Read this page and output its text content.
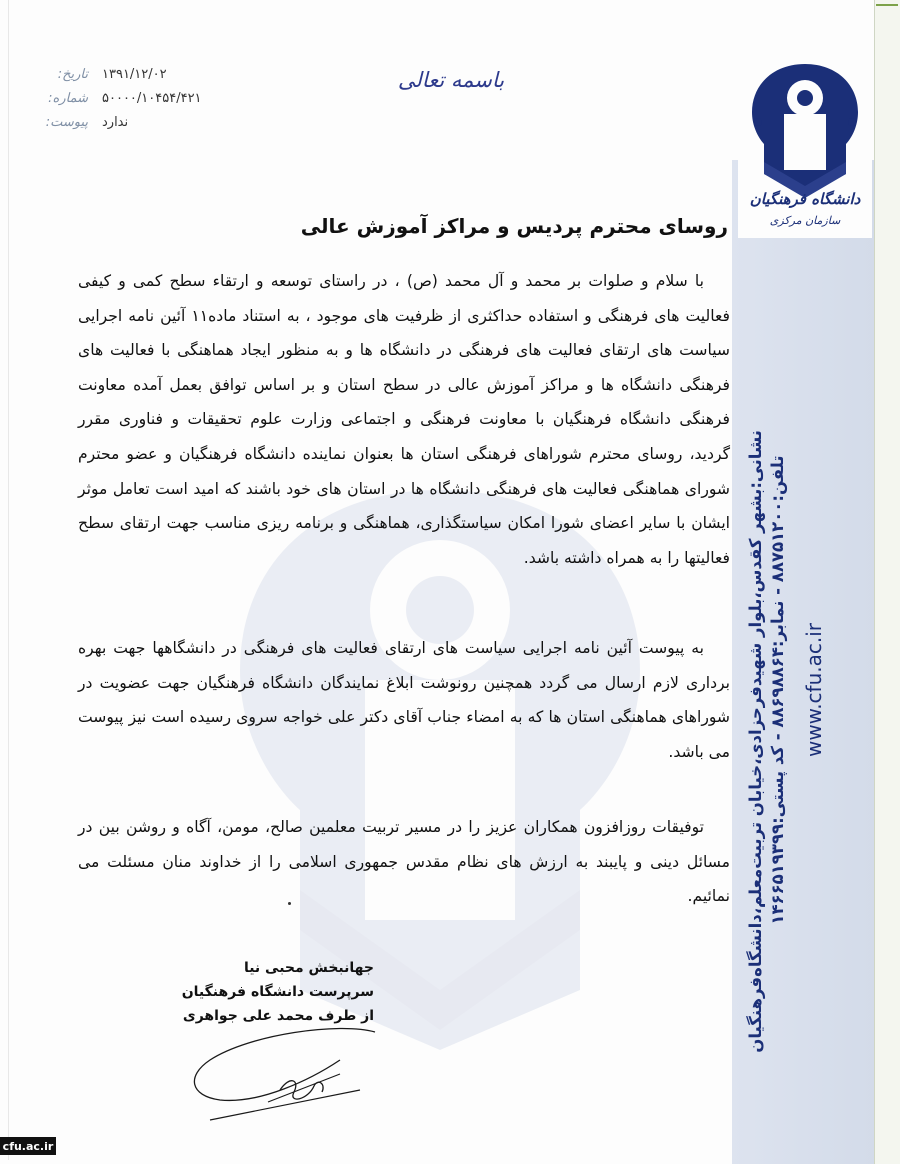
نشانی:بشهر کقدس،بلوار شهیدفرحزادی،خیابان تربیت‌معلم،دانشگاه‌فرهنگیان تلفن:۸۸۷۵۱۲۰۰ - نمابر:۸۸۶۹۸۸۶۴ - کد پستی:۱۴۶۶۵۱۹۳۹۹
www.cfu.ac.ir
دانشگاه فرهنگیان
سازمان مرکزی
باسمه تعالی
تاریخ: ۱۳۹۱/۱۲/۰۲
شماره: ۵۰۰۰۰/۱۰۴۵۴/۴۲۱
پیوست: ندارد
روسای محترم پردیس و مراکز آموزش عالی
با سلام و صلوات بر محمد و آل محمد (ص) ، در راستای توسعه و ارتقاء سطح کمی و کیفی فعالیت های فرهنگی و استفاده حداکثری از ظرفیت های موجود ، به استناد ماده۱۱ آئین نامه اجرایی سیاست های ارتقای فعالیت های فرهنگی در دانشگاه ها و به منظور ایجاد هماهنگی با فعالیت های فرهنگی دانشگاه ها و مراکز آموزش عالی در سطح استان و بر اساس توافق بعمل آمده معاونت فرهنگی دانشگاه فرهنگیان با معاونت فرهنگی و اجتماعی وزارت علوم تحقیقات و فناوری مقرر گردید، روسای محترم شوراهای فرهنگی استان ها بعنوان نماینده دانشگاه فرهنگیان و عضو محترم شورای هماهنگی فعالیت های فرهنگی دانشگاه ها در استان های خود باشند که امید است تعامل موثر ایشان با سایر اعضای شورا امکان سیاستگذاری، هماهنگی و برنامه ریزی مناسب جهت ارتقای سطح فعالیتها را به همراه داشته باشد.
به پیوست آئین نامه اجرایی سیاست های ارتقای فعالیت های فرهنگی در دانشگاهها جهت بهره برداری لازم ارسال می گردد همچنین رونوشت ابلاغ نمایندگان دانشگاه فرهنگیان جهت عضویت در شوراهای هماهنگی استان ها که به امضاء جناب آقای دکتر علی خواجه سروی رسیده است نیز پیوست می باشد.
توفیقات روزافزون همکاران عزیز را در مسیر تربیت معلمین صالح، مومن، آگاه و روشن بین در مسائل دینی و پایبند به ارزش های نظام مقدس جمهوری اسلامی را از خداوند منان مسئلت می نمائیم.
جهانبخش محبی نیا
سرپرست دانشگاه فرهنگیان
از طرف محمد علی جواهری
cfu.ac.ir
